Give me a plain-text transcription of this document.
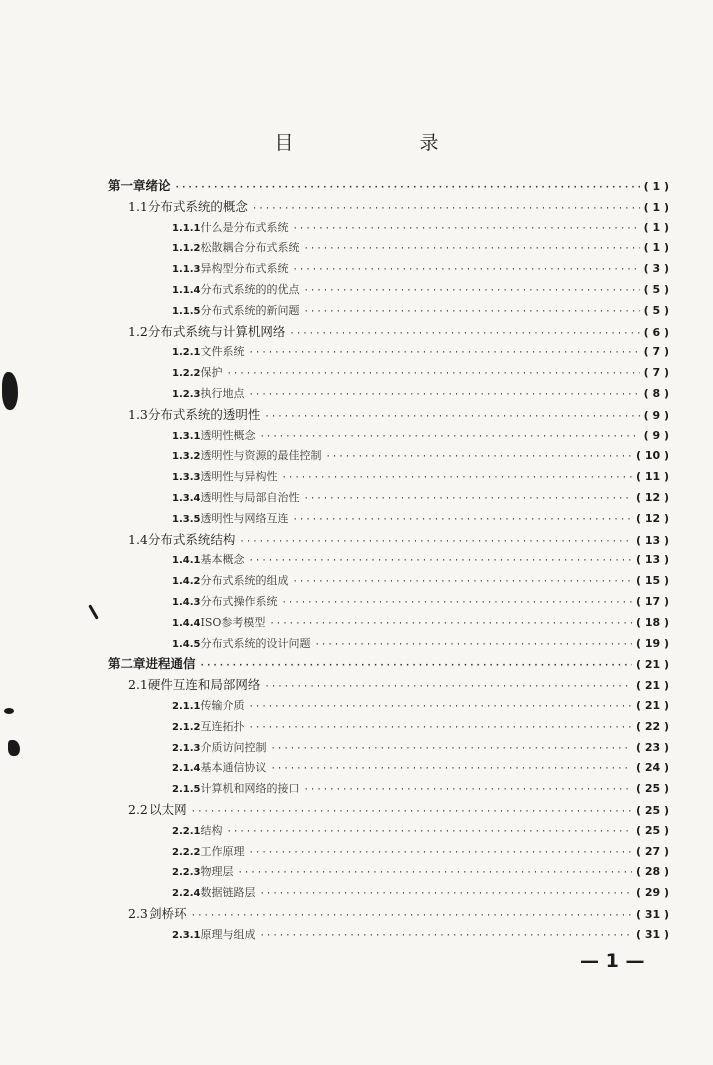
目 录
第一章 绪论 ·····	( 1 )
1.1 分布式系统的概念 ·····	( 1 )
1.1.1 什么是分布式系统 ·····	( 1 )
1.1.2 松散耦合分布式系统 ·····	( 1 )
1.1.3 异构型分布式系统 ·····	( 3 )
1.1.4 分布式系统的的优点 ·····	( 5 )
1.1.5 分布式系统的新问题 ·····	( 5 )
1.2 分布式系统与计算机网络 ·····	( 6 )
1.2.1 文件系统 ·····	( 7 )
1.2.2 保护 ·····	( 7 )
1.2.3 执行地点 ·····	( 8 )
1.3 分布式系统的透明性 ·····	( 9 )
1.3.1 透明性概念 ·····	( 9 )
1.3.2 透明性与资源的最佳控制 ·····	( 10 )
1.3.3 透明性与异构性 ·····	( 11 )
1.3.4 透明性与局部自治性 ·····	( 12 )
1.3.5 透明性与网络互连 ·····	( 12 )
1.4 分布式系统结构 ·····	( 13 )
1.4.1 基本概念 ·····	( 13 )
1.4.2 分布式系统的组成 ·····	( 15 )
1.4.3 分布式操作系统 ·····	( 17 )
1.4.4 ISO参考模型 ·····	( 18 )
1.4.5 分布式系统的设计问题 ·····	( 19 )
第二章 进程通信 ·····	( 21 )
2.1 硬件互连和局部网络 ·····	( 21 )
2.1.1 传输介质 ·····	( 21 )
2.1.2 互连拓扑 ·····	( 22 )
2.1.3 介质访问控制 ·····	( 23 )
2.1.4 基本通信协议 ·····	( 24 )
2.1.5 计算机和网络的接口 ·····	( 25 )
2.2 以太网 ·····	( 25 )
2.2.1 结构 ·····	( 25 )
2.2.2 工作原理 ·····	( 27 )
2.2.3 物理层 ·····	( 28 )
2.2.4 数据链路层 ·····	( 29 )
2.3 剑桥环 ·····	( 31 )
2.3.1 原理与组成 ·····	( 31 )
— 1 —
